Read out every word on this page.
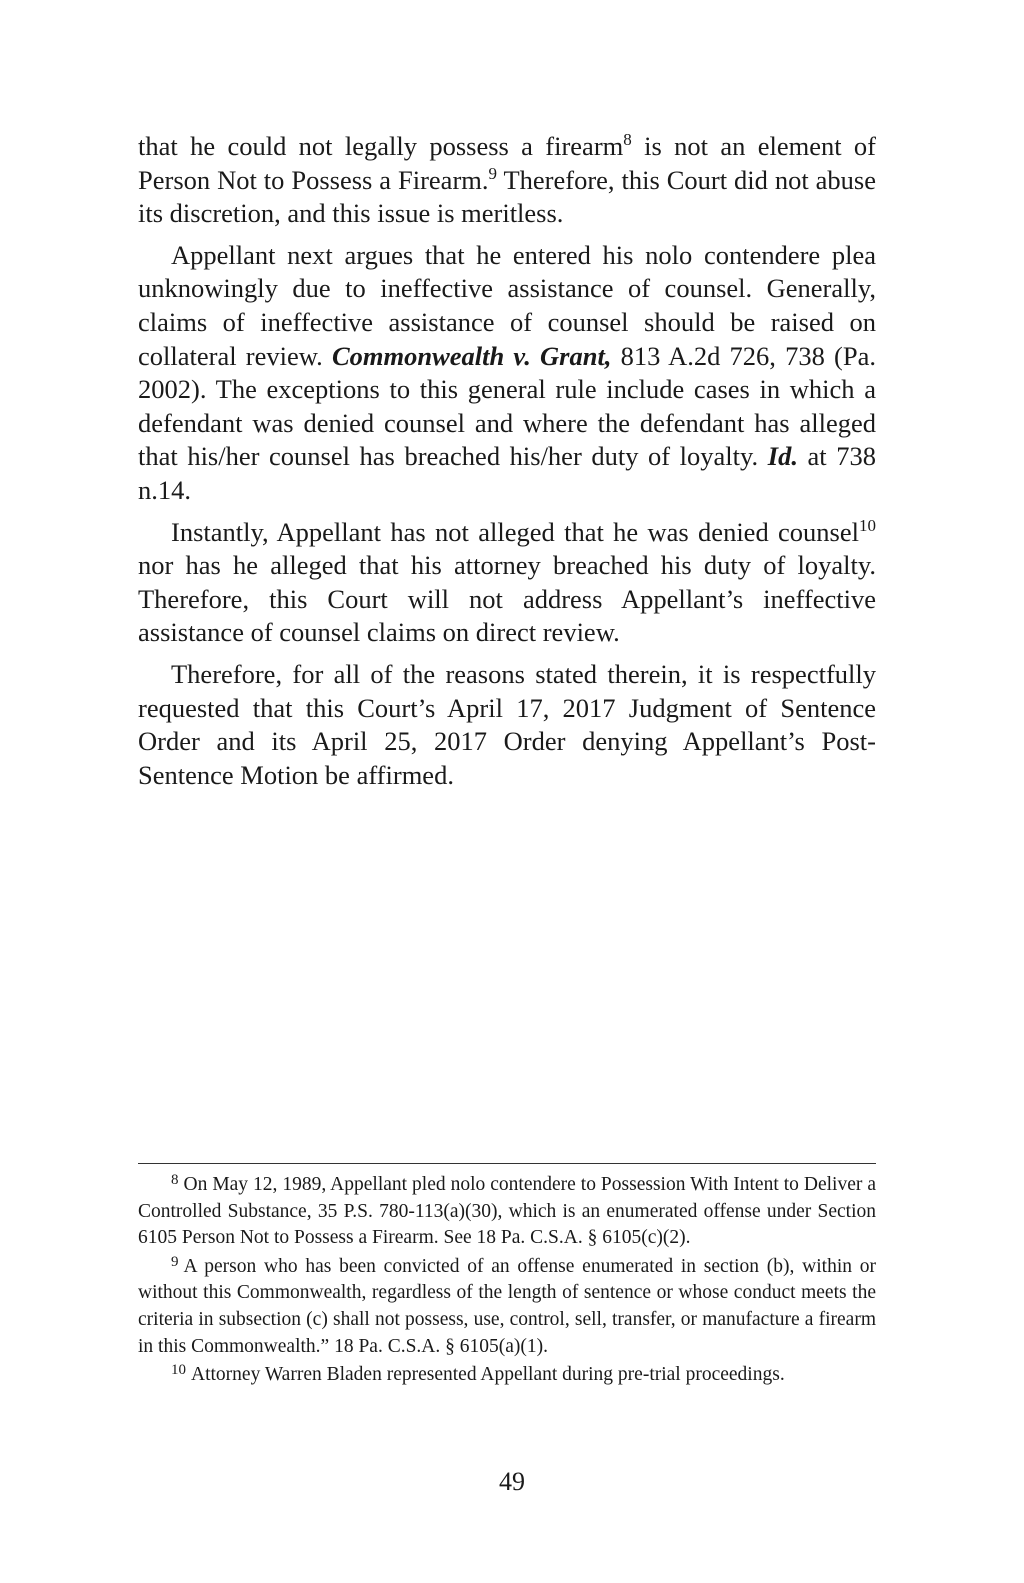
that he could not legally possess a firearm$^8$ is not an element of Person Not to Possess a Firearm.$^9$ Therefore, this Court did not abuse its discretion, and this issue is meritless.

Appellant next argues that he entered his nolo contendere plea unknowingly due to ineffective assistance of counsel. Generally, claims of ineffective assistance of counsel should be raised on collateral review. Commonwealth v. Grant, 813 A.2d 726, 738 (Pa. 2002). The exceptions to this general rule include cases in which a defendant was denied counsel and where the defendant has alleged that his/her counsel has breached his/her duty of loyalty. Id. at 738 n.14.

Instantly, Appellant has not alleged that he was denied counsel$^{10}$ nor has he alleged that his attorney breached his duty of loyalty. Therefore, this Court will not address Appellant’s ineffective assistance of counsel claims on direct review.

Therefore, for all of the reasons stated therein, it is respectfully requested that this Court’s April 17, 2017 Judgment of Sentence Order and its April 25, 2017 Order denying Appellant’s Post-Sentence Motion be affirmed.

$^8$ On May 12, 1989, Appellant pled nolo contendere to Possession With Intent to Deliver a Controlled Substance, 35 P.S. 780-113(a)(30), which is an enumerated offense under Section 6105 Person Not to Possess a Firearm. See 18 Pa. C.S.A. § 6105(c)(2).

$^9$ A person who has been convicted of an offense enumerated in section (b), within or without this Commonwealth, regardless of the length of sentence or whose conduct meets the criteria in subsection (c) shall not possess, use, control, sell, transfer, or manufacture a firearm in this Commonwealth.” 18 Pa. C.S.A. § 6105(a)(1).

$^{10}$ Attorney Warren Bladen represented Appellant during pre-trial proceedings.

49
